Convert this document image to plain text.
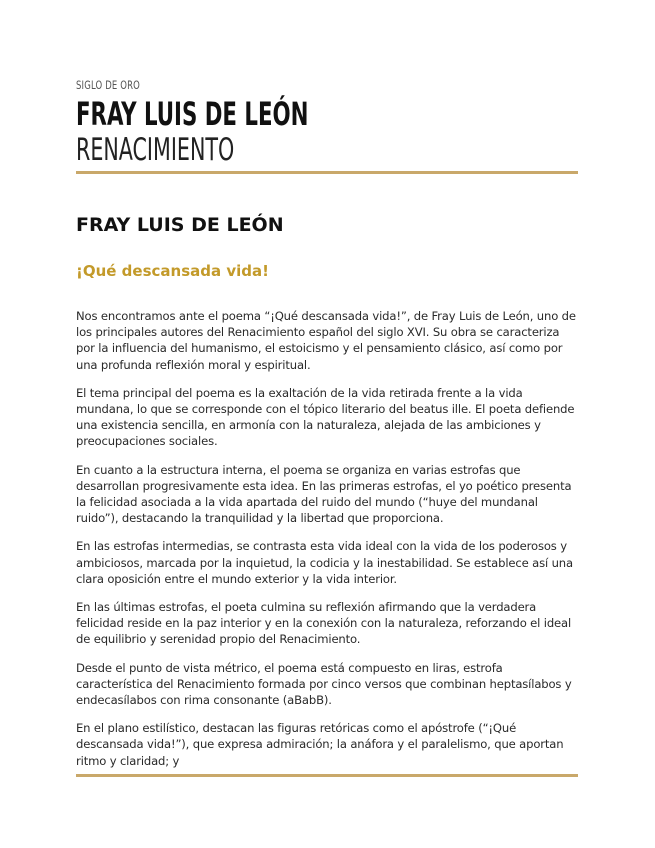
SIGLO DE ORO
FRAY LUIS DE LEÓN
RENACIMIENTO
FRAY LUIS DE LEÓN
¡Qué descansada vida!

Nos encontramos ante el poema “¡Qué descansada vida!”, de Fray Luis de León, uno de los principales autores del Renacimiento español del siglo XVI. Su obra se caracteriza por la influencia del humanismo, el estoicismo y el pensamiento clásico, así como por una profunda reflexión moral y espiritual.

El tema principal del poema es la exaltación de la vida retirada frente a la vida mundana, lo que se corresponde con el tópico literario del beatus ille. El poeta defiende una existencia sencilla, en armonía con la naturaleza, alejada de las ambiciones y preocupaciones sociales.

En cuanto a la estructura interna, el poema se organiza en varias estrofas que desarrollan progresivamente esta idea. En las primeras estrofas, el yo poético presenta la felicidad asociada a la vida apartada del ruido del mundo (“huye del mundanal ruido”), destacando la tranquilidad y la libertad que proporciona.

En las estrofas intermedias, se contrasta esta vida ideal con la vida de los poderosos y ambiciosos, marcada por la inquietud, la codicia y la inestabilidad. Se establece así una clara oposición entre el mundo exterior y la vida interior.

En las últimas estrofas, el poeta culmina su reflexión afirmando que la verdadera felicidad reside en la paz interior y en la conexión con la naturaleza, reforzando el ideal de equilibrio y serenidad propio del Renacimiento.

Desde el punto de vista métrico, el poema está compuesto en liras, estrofa característica del Renacimiento formada por cinco versos que combinan heptasílabos y endecasílabos con rima consonante (aBabB).

En el plano estilístico, destacan las figuras retóricas como el apóstrofe (“¡Qué descansada vida!”), que expresa admiración; la anáfora y el paralelismo, que aportan ritmo y claridad; y
